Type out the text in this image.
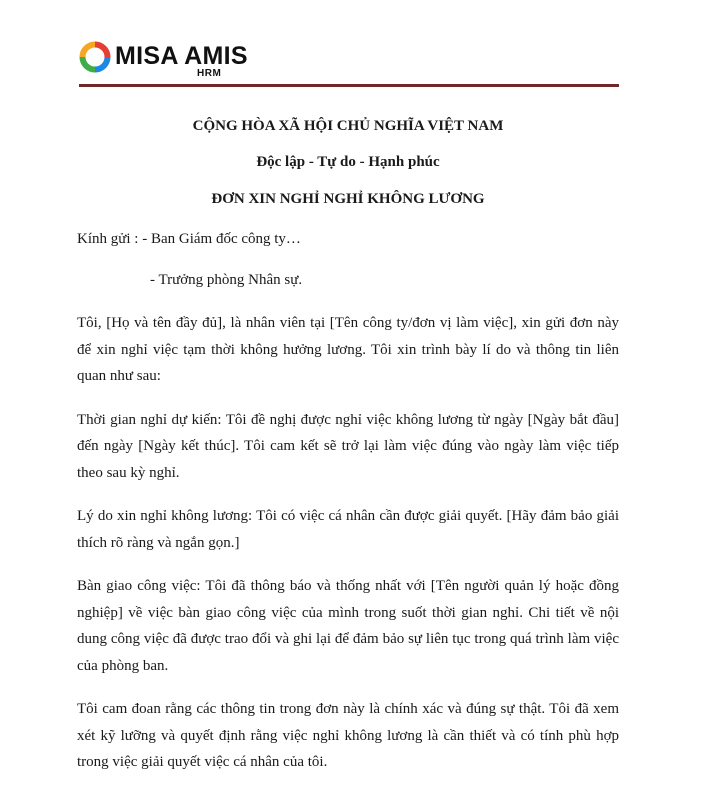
MISA AMIS
HRM
CỘNG HÒA XÃ HỘI CHỦ NGHĨA VIỆT NAM
Độc lập - Tự do - Hạnh phúc
ĐƠN XIN NGHỈ NGHỈ KHÔNG LƯƠNG

Kính gửi : - Ban Giám đốc công ty…

- Trưởng phòng Nhân sự.

Tôi, [Họ và tên đầy đủ], là nhân viên tại [Tên công ty/đơn vị làm việc], xin gửi đơn này để xin nghỉ việc tạm thời không hưởng lương. Tôi xin trình bày lí do và thông tin liên quan như sau:

Thời gian nghỉ dự kiến: Tôi đề nghị được nghỉ việc không lương từ ngày [Ngày bắt đầu] đến ngày [Ngày kết thúc]. Tôi cam kết sẽ trở lại làm việc đúng vào ngày làm việc tiếp theo sau kỳ nghỉ.

Lý do xin nghỉ không lương: Tôi có việc cá nhân cần được giải quyết. [Hãy đảm bảo giải thích rõ ràng và ngắn gọn.]

Bàn giao công việc: Tôi đã thông báo và thống nhất với [Tên người quản lý hoặc đồng nghiệp] về việc bàn giao công việc của mình trong suốt thời gian nghỉ. Chi tiết về nội dung công việc đã được trao đổi và ghi lại để đảm bảo sự liên tục trong quá trình làm việc của phòng ban.

Tôi cam đoan rằng các thông tin trong đơn này là chính xác và đúng sự thật. Tôi đã xem xét kỹ lưỡng và quyết định rằng việc nghỉ không lương là cần thiết và có tính phù hợp trong việc giải quyết việc cá nhân của tôi.
